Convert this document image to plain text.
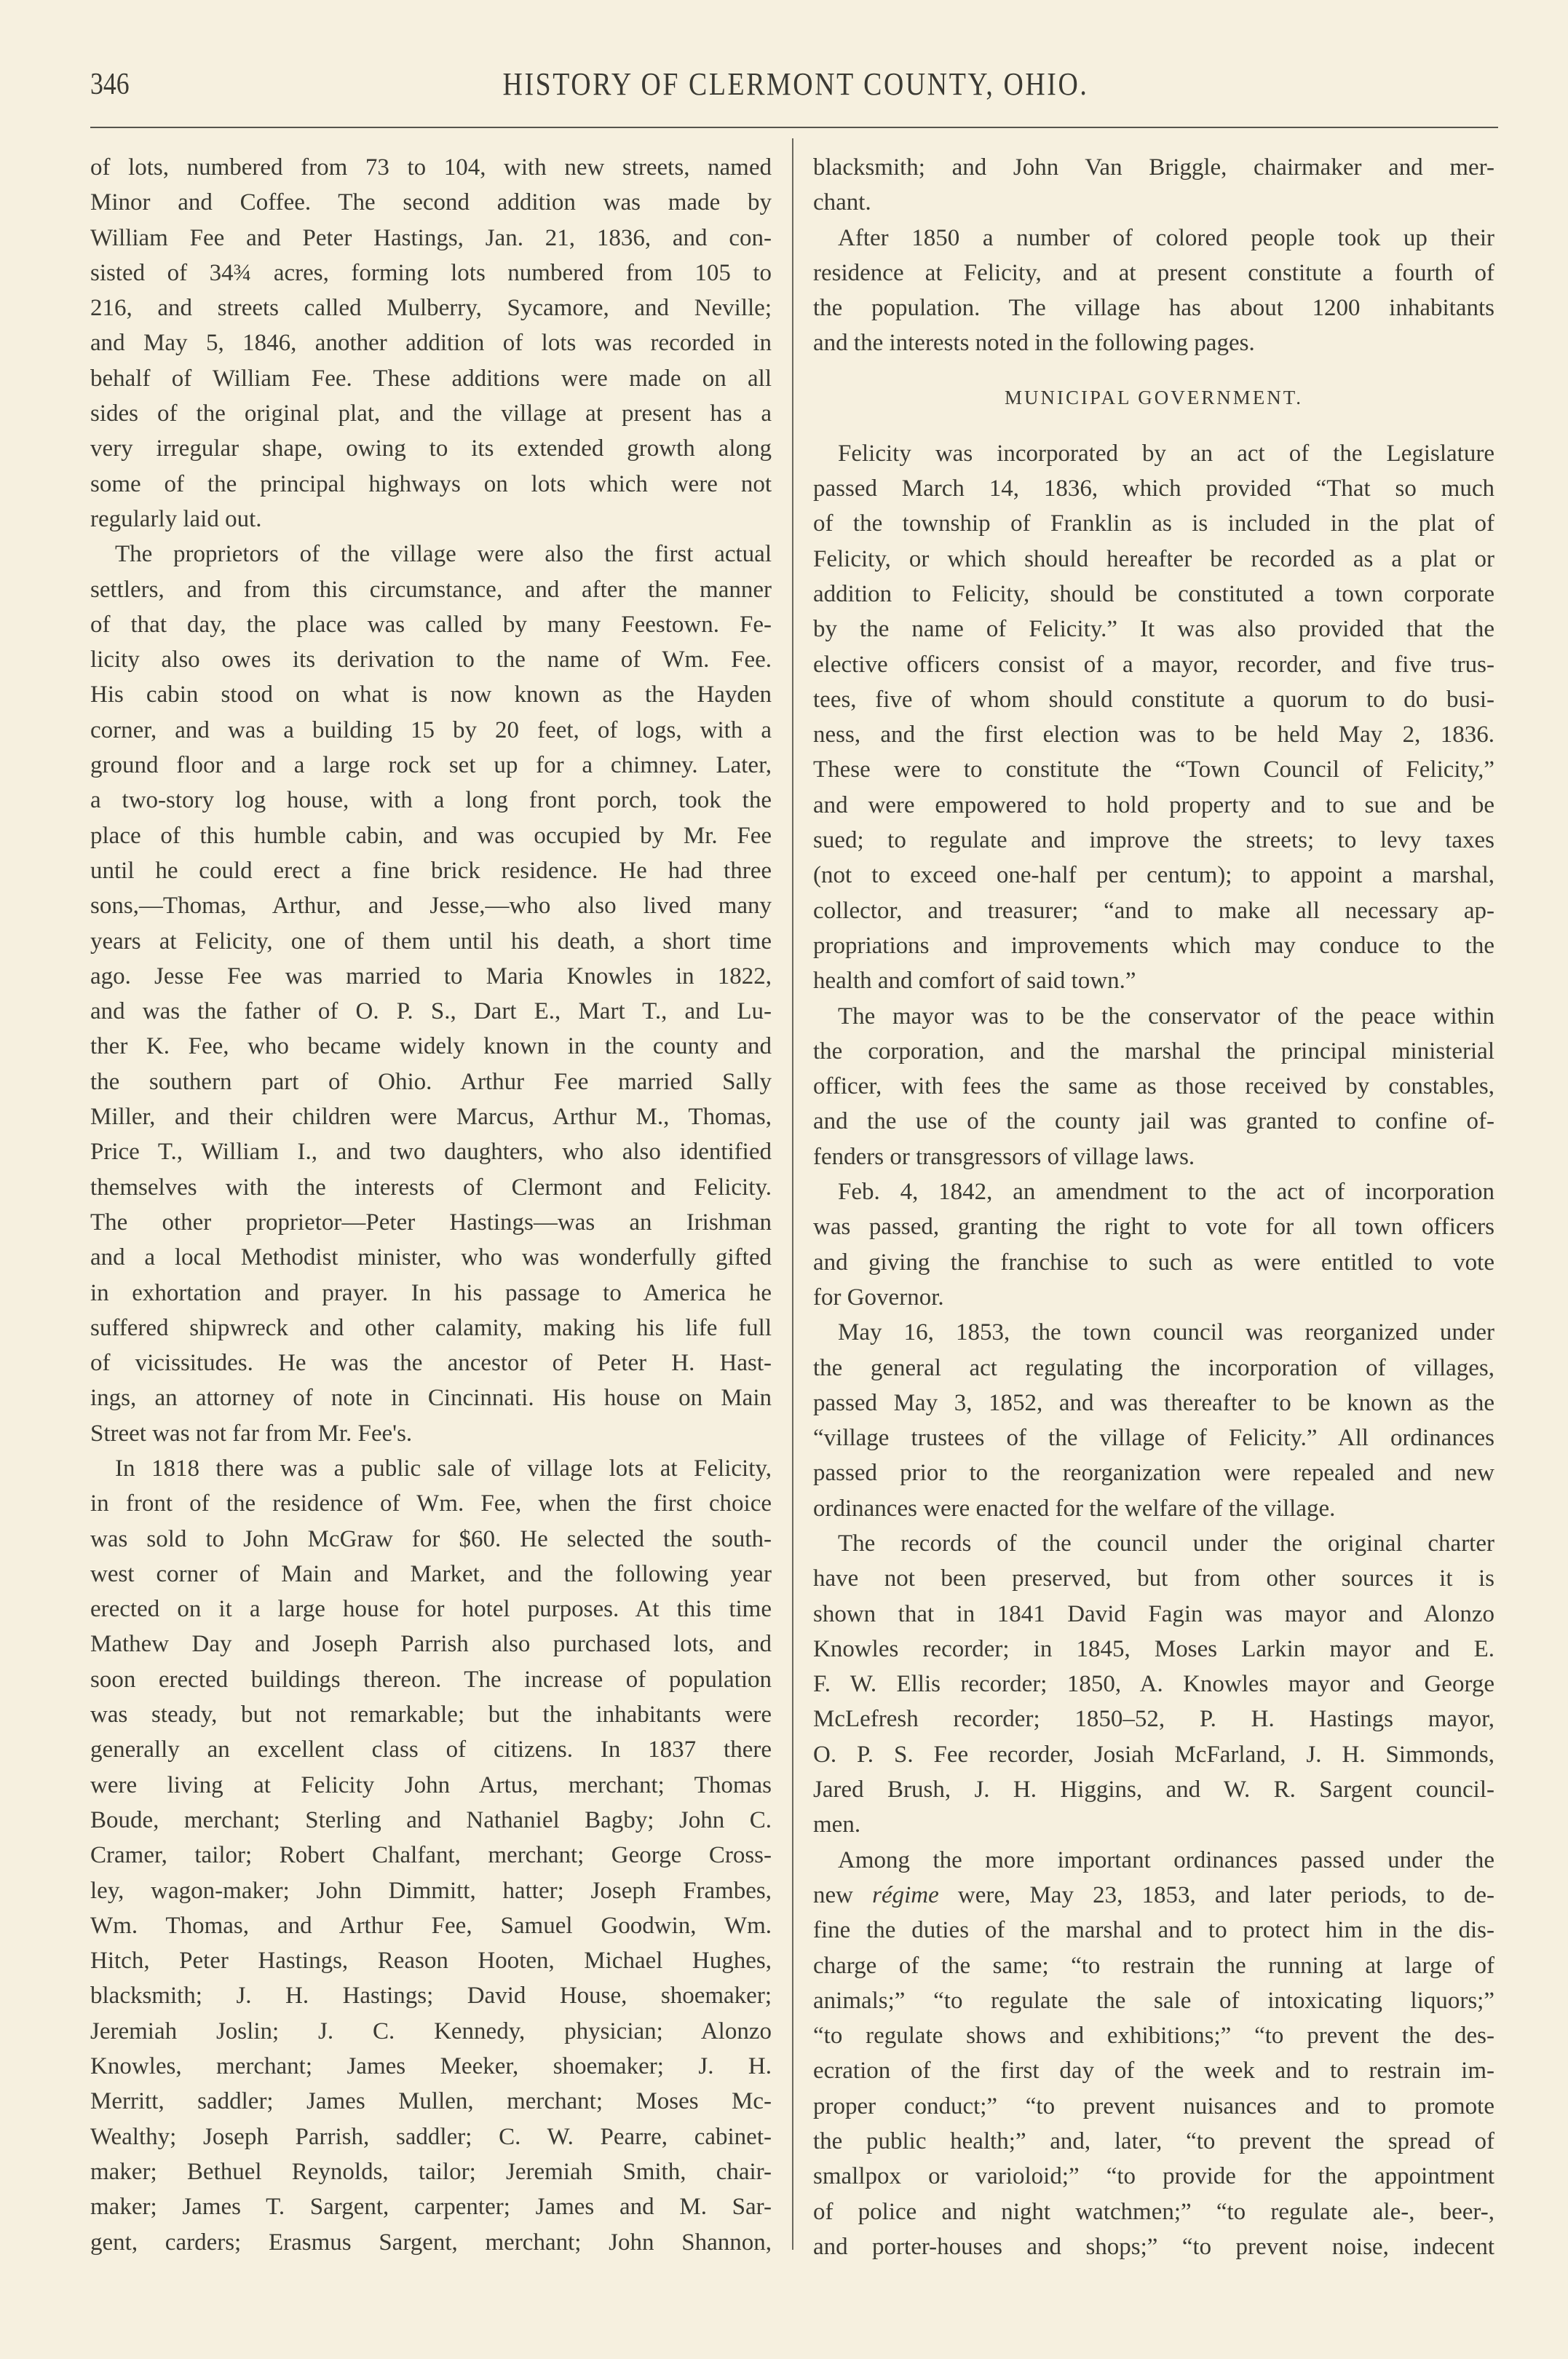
346	HISTORY OF CLERMONT COUNTY, OHIO.
of lots, numbered from 73 to 104, with new streets, named
Minor and Coffee. The second addition was made by
William Fee and Peter Hastings, Jan. 21, 1836, and con-
sisted of 34¾ acres, forming lots numbered from 105 to
216, and streets called Mulberry, Sycamore, and Neville;
and May 5, 1846, another addition of lots was recorded in
behalf of William Fee. These additions were made on all
sides of the original plat, and the village at present has a
very irregular shape, owing to its extended growth along
some of the principal highways on lots which were not
regularly laid out.
The proprietors of the village were also the first actual
settlers, and from this circumstance, and after the manner
of that day, the place was called by many Feestown. Fe-
licity also owes its derivation to the name of Wm. Fee.
His cabin stood on what is now known as the Hayden
corner, and was a building 15 by 20 feet, of logs, with a
ground floor and a large rock set up for a chimney. Later,
a two-story log house, with a long front porch, took the
place of this humble cabin, and was occupied by Mr. Fee
until he could erect a fine brick residence. He had three
sons,—Thomas, Arthur, and Jesse,—who also lived many
years at Felicity, one of them until his death, a short time
ago. Jesse Fee was married to Maria Knowles in 1822,
and was the father of O. P. S., Dart E., Mart T., and Lu-
ther K. Fee, who became widely known in the county and
the southern part of Ohio. Arthur Fee married Sally
Miller, and their children were Marcus, Arthur M., Thomas,
Price T., William I., and two daughters, who also identified
themselves with the interests of Clermont and Felicity.
The other proprietor—Peter Hastings—was an Irishman
and a local Methodist minister, who was wonderfully gifted
in exhortation and prayer. In his passage to America he
suffered shipwreck and other calamity, making his life full
of vicissitudes. He was the ancestor of Peter H. Hast-
ings, an attorney of note in Cincinnati. His house on Main
Street was not far from Mr. Fee's.
In 1818 there was a public sale of village lots at Felicity,
in front of the residence of Wm. Fee, when the first choice
was sold to John McGraw for $60. He selected the south-
west corner of Main and Market, and the following year
erected on it a large house for hotel purposes. At this time
Mathew Day and Joseph Parrish also purchased lots, and
soon erected buildings thereon. The increase of population
was steady, but not remarkable; but the inhabitants were
generally an excellent class of citizens. In 1837 there
were living at Felicity John Artus, merchant; Thomas
Boude, merchant; Sterling and Nathaniel Bagby; John C.
Cramer, tailor; Robert Chalfant, merchant; George Cross-
ley, wagon-maker; John Dimmitt, hatter; Joseph Frambes,
Wm. Thomas, and Arthur Fee, Samuel Goodwin, Wm.
Hitch, Peter Hastings, Reason Hooten, Michael Hughes,
blacksmith; J. H. Hastings; David House, shoemaker;
Jeremiah Joslin; J. C. Kennedy, physician; Alonzo
Knowles, merchant; James Meeker, shoemaker; J. H.
Merritt, saddler; James Mullen, merchant; Moses Mc-
Wealthy; Joseph Parrish, saddler; C. W. Pearre, cabinet-
maker; Bethuel Reynolds, tailor; Jeremiah Smith, chair-
maker; James T. Sargent, carpenter; James and M. Sar-
gent, carders; Erasmus Sargent, merchant; John Shannon,
blacksmith; and John Van Briggle, chairmaker and mer-
chant.
After 1850 a number of colored people took up their
residence at Felicity, and at present constitute a fourth of
the population. The village has about 1200 inhabitants
and the interests noted in the following pages.
MUNICIPAL GOVERNMENT.
Felicity was incorporated by an act of the Legislature
passed March 14, 1836, which provided “That so much
of the township of Franklin as is included in the plat of
Felicity, or which should hereafter be recorded as a plat or
addition to Felicity, should be constituted a town corporate
by the name of Felicity.” It was also provided that the
elective officers consist of a mayor, recorder, and five trus-
tees, five of whom should constitute a quorum to do busi-
ness, and the first election was to be held May 2, 1836.
These were to constitute the “Town Council of Felicity,”
and were empowered to hold property and to sue and be
sued; to regulate and improve the streets; to levy taxes
(not to exceed one-half per centum); to appoint a marshal,
collector, and treasurer; “and to make all necessary ap-
propriations and improvements which may conduce to the
health and comfort of said town.”
The mayor was to be the conservator of the peace within
the corporation, and the marshal the principal ministerial
officer, with fees the same as those received by constables,
and the use of the county jail was granted to confine of-
fenders or transgressors of village laws.
Feb. 4, 1842, an amendment to the act of incorporation
was passed, granting the right to vote for all town officers
and giving the franchise to such as were entitled to vote
for Governor.
May 16, 1853, the town council was reorganized under
the general act regulating the incorporation of villages,
passed May 3, 1852, and was thereafter to be known as the
“village trustees of the village of Felicity.” All ordinances
passed prior to the reorganization were repealed and new
ordinances were enacted for the welfare of the village.
The records of the council under the original charter
have not been preserved, but from other sources it is
shown that in 1841 David Fagin was mayor and Alonzo
Knowles recorder; in 1845, Moses Larkin mayor and E.
F. W. Ellis recorder; 1850, A. Knowles mayor and George
McLefresh recorder; 1850–52, P. H. Hastings mayor,
O. P. S. Fee recorder, Josiah McFarland, J. H. Simmonds,
Jared Brush, J. H. Higgins, and W. R. Sargent council-
men.
Among the more important ordinances passed under the
new régime were, May 23, 1853, and later periods, to de-
fine the duties of the marshal and to protect him in the dis-
charge of the same; “to restrain the running at large of
animals;” “to regulate the sale of intoxicating liquors;”
“to regulate shows and exhibitions;” “to prevent the des-
ecration of the first day of the week and to restrain im-
proper conduct;” “to prevent nuisances and to promote
the public health;” and, later, “to prevent the spread of
smallpox or varioloid;” “to provide for the appointment
of police and night watchmen;” “to regulate ale-, beer-,
and porter-houses and shops;” “to prevent noise, indecent
